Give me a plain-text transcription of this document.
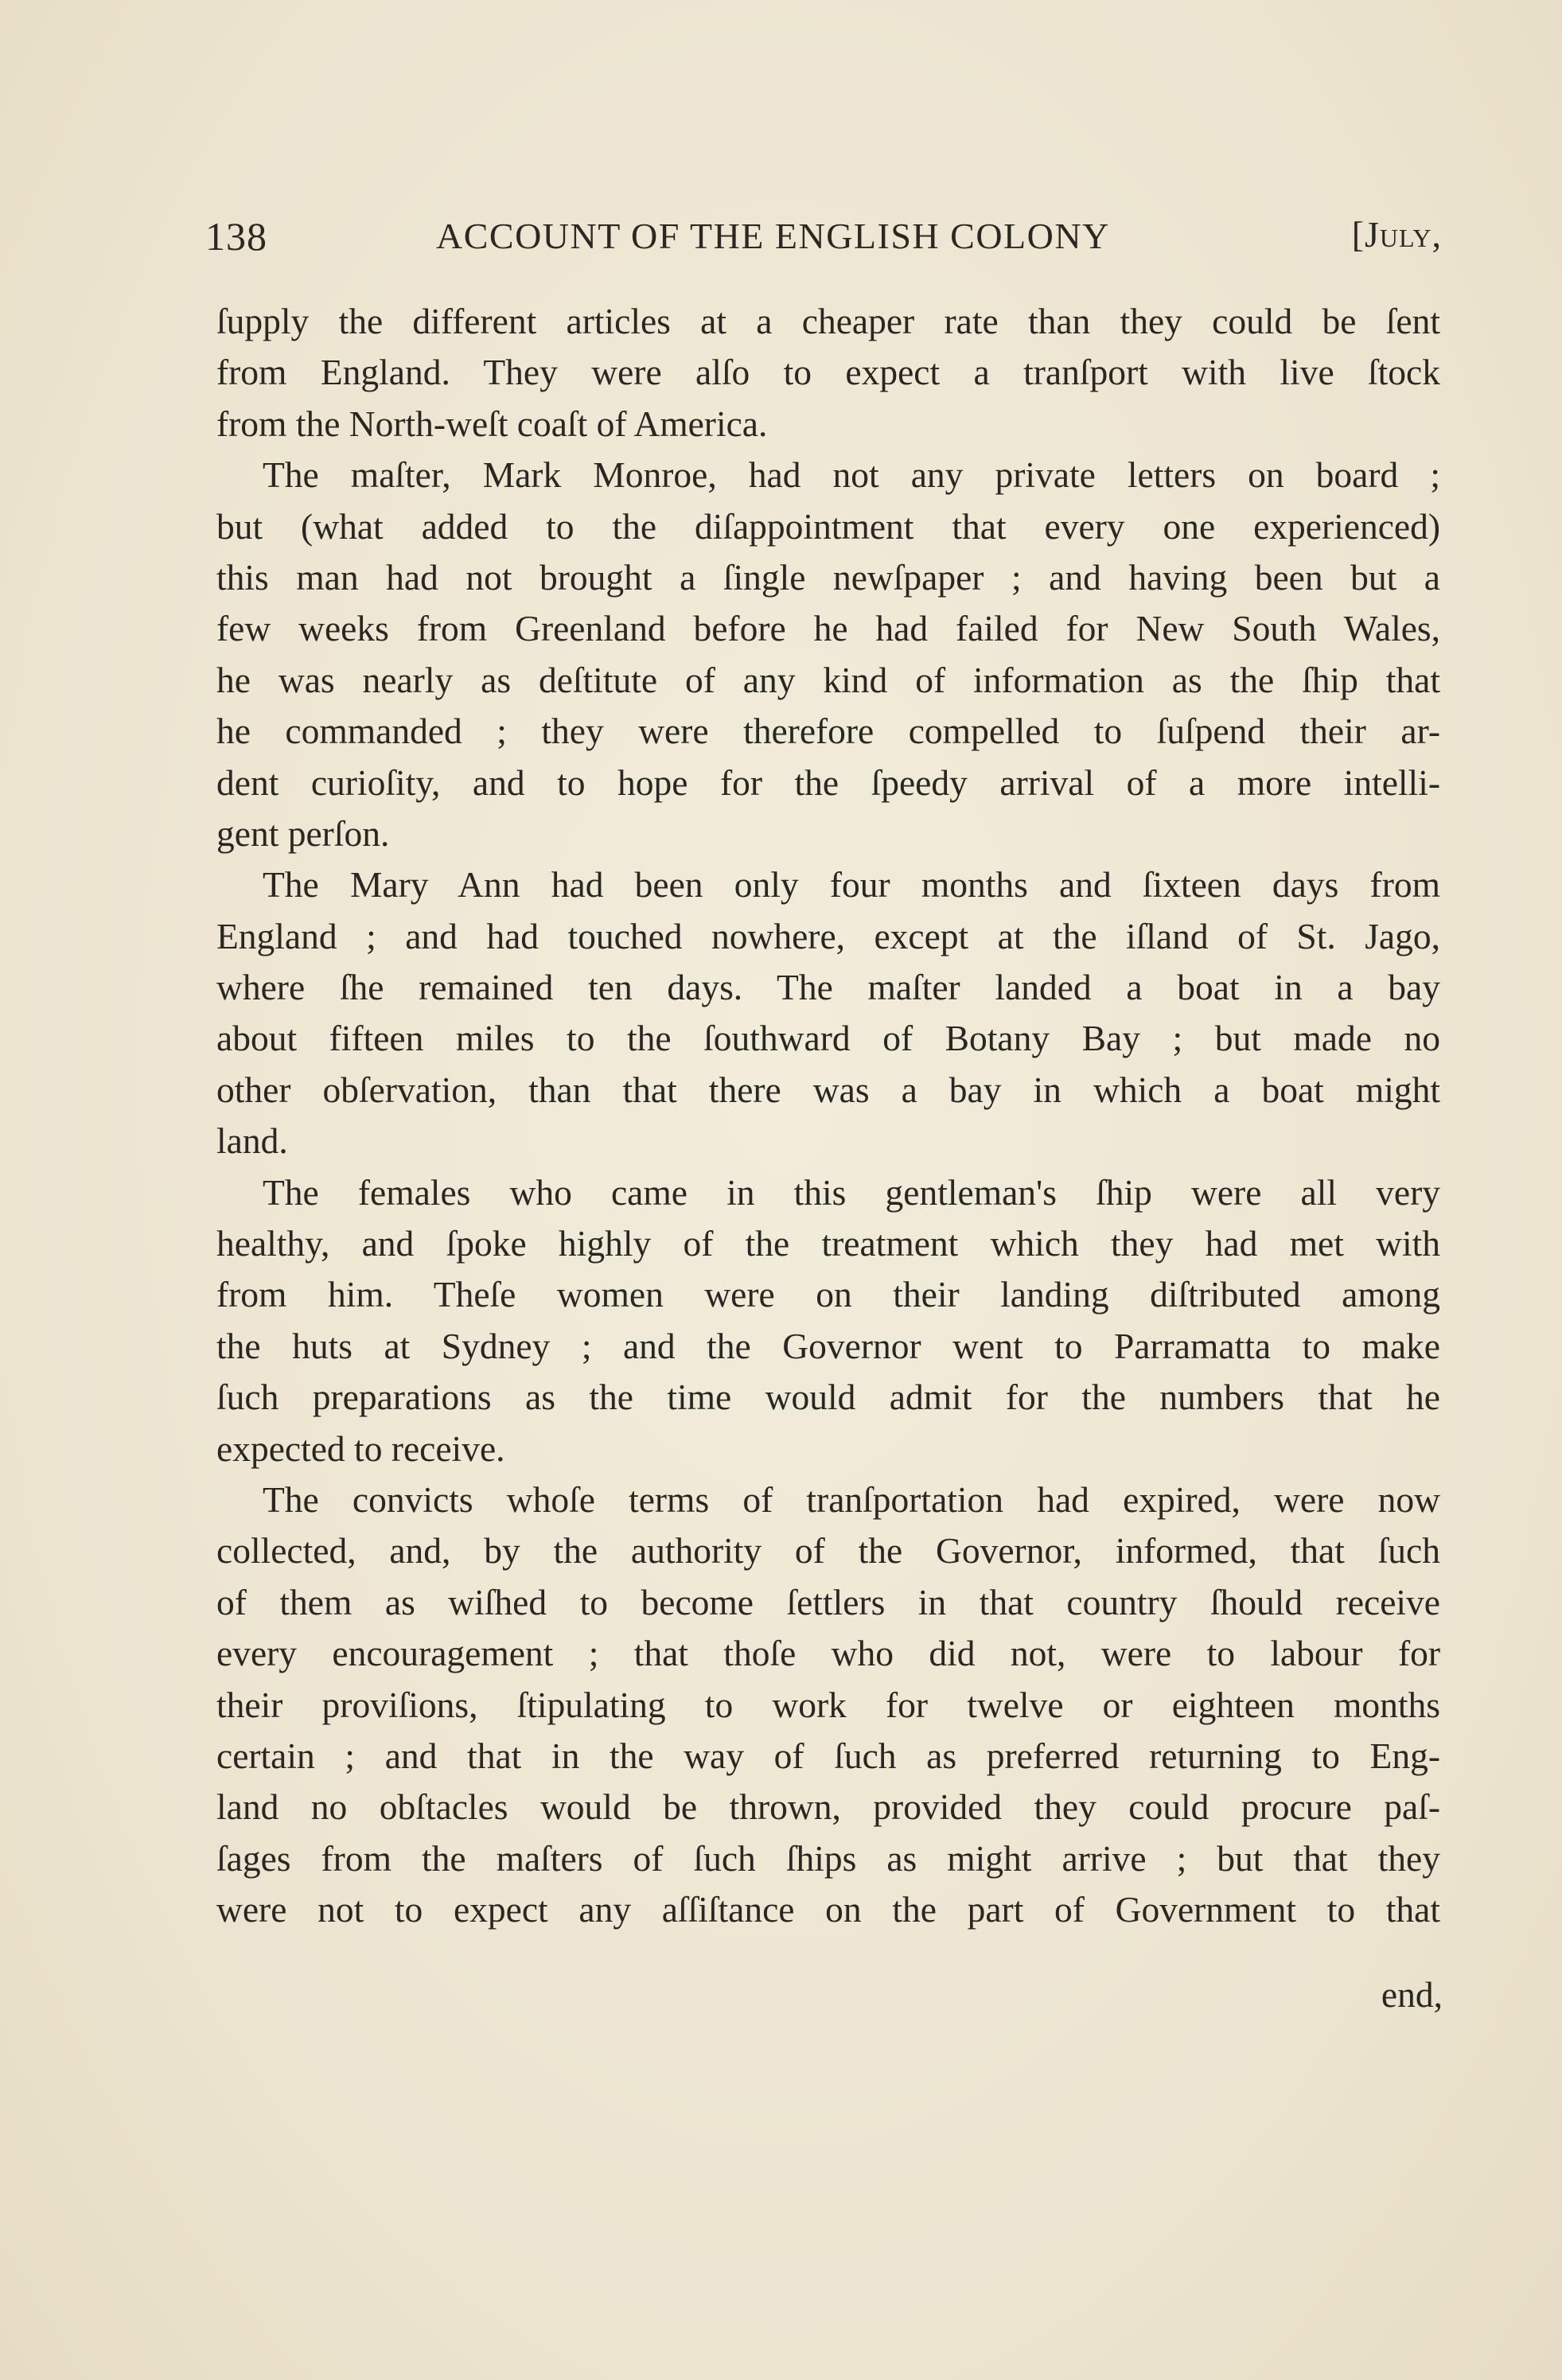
138	ACCOUNT OF THE ENGLISH COLONY	[July,
ſupply the different articles at a cheaper rate than they could be ſent
from England. They were alſo to expect a tranſport with live ſtock
from the North-weſt coaſt of America.
The maſter, Mark Monroe, had not any private letters on board ;
but (what added to the diſappointment that every one experienced)
this man had not brought a ſingle newſpaper ; and having been but a
few weeks from Greenland before he had failed for New South Wales,
he was nearly as deſtitute of any kind of information as the ſhip that
he commanded ; they were therefore compelled to ſuſpend their ar-
dent curioſity, and to hope for the ſpeedy arrival of a more intelli-
gent perſon.
The Mary Ann had been only four months and ſixteen days from
England ; and had touched nowhere, except at the iſland of St. Jago,
where ſhe remained ten days. The maſter landed a boat in a bay
about fifteen miles to the ſouthward of Botany Bay ; but made no
other obſervation, than that there was a bay in which a boat might
land.
The females who came in this gentleman's ſhip were all very
healthy, and ſpoke highly of the treatment which they had met with
from him. Theſe women were on their landing diſtributed among
the huts at Sydney ; and the Governor went to Parramatta to make
ſuch preparations as the time would admit for the numbers that he
expected to receive.
The convicts whoſe terms of tranſportation had expired, were now
collected, and, by the authority of the Governor, informed, that ſuch
of them as wiſhed to become ſettlers in that country ſhould receive
every encouragement ; that thoſe who did not, were to labour for
their proviſions, ſtipulating to work for twelve or eighteen months
certain ; and that in the way of ſuch as preferred returning to Eng-
land no obſtacles would be thrown, provided they could procure paſ-
ſages from the maſters of ſuch ſhips as might arrive ; but that they
were not to expect any aſſiſtance on the part of Government to that
end,
